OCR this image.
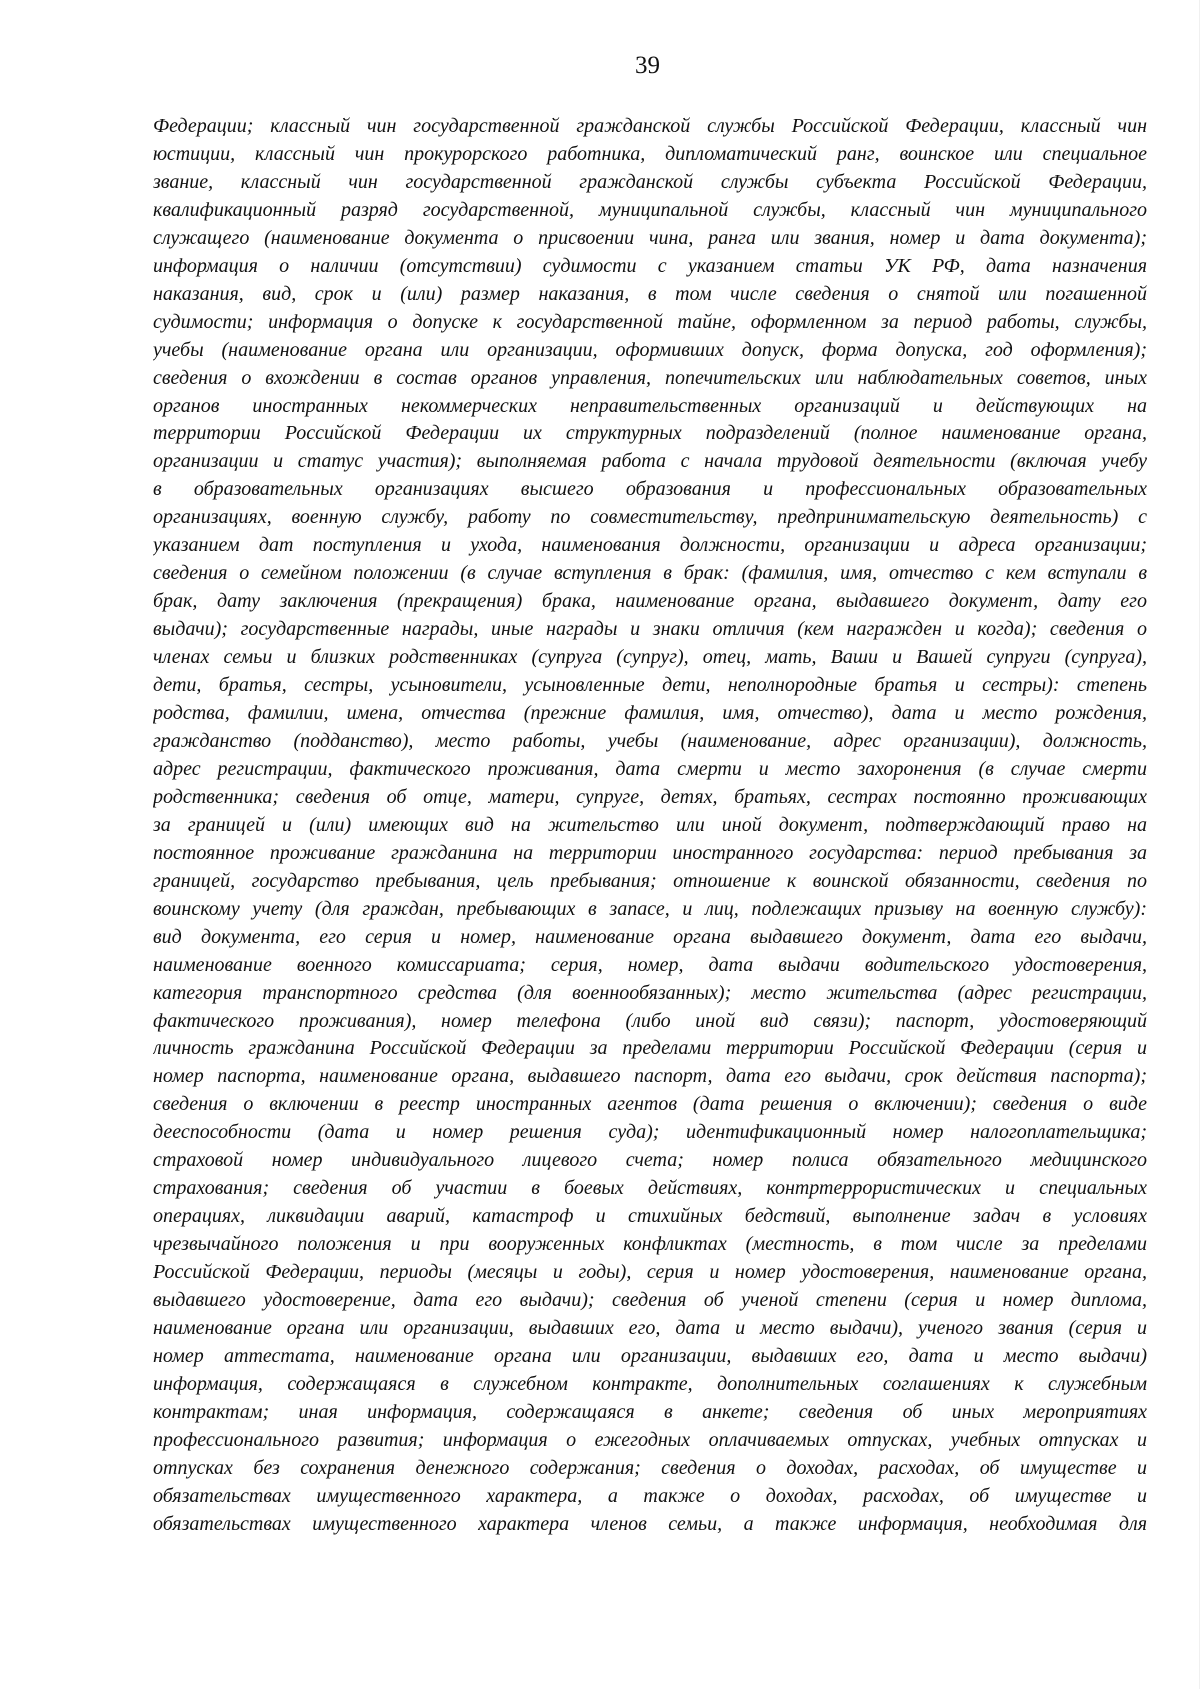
39
Федерации; классный чин государственной гражданской службы Российской Федерации, классный чин
юстиции, классный чин прокурорского работника, дипломатический ранг, воинское или специальное
звание, классный чин государственной гражданской службы субъекта Российской Федерации,
квалификационный разряд государственной, муниципальной службы, классный чин муниципального
служащего (наименование документа о присвоении чина, ранга или звания, номер и дата документа);
информация о наличии (отсутствии) судимости с указанием статьи УК РФ, дата назначения
наказания, вид, срок и (или) размер наказания, в том числе сведения о снятой или погашенной
судимости; информация о допуске к государственной тайне, оформленном за период работы, службы,
учебы (наименование органа или организации, оформивших допуск, форма допуска, год оформления);
сведения о вхождении в состав органов управления, попечительских или наблюдательных советов, иных
органов иностранных некоммерческих неправительственных организаций и действующих на
территории Российской Федерации их структурных подразделений (полное наименование органа,
организации и статус участия); выполняемая работа с начала трудовой деятельности (включая учебу
в образовательных организациях высшего образования и профессиональных образовательных
организациях, военную службу, работу по совместительству, предпринимательскую деятельность) с
указанием дат поступления и ухода, наименования должности, организации и адреса организации;
сведения о семейном положении (в случае вступления в брак: (фамилия, имя, отчество с кем вступали в
брак, дату заключения (прекращения) брака, наименование органа, выдавшего документ, дату его
выдачи); государственные награды, иные награды и знаки отличия (кем награжден и когда); сведения о
членах семьи и близких родственниках (супруга (супруг), отец, мать, Ваши и Вашей супруги (супруга),
дети, братья, сестры, усыновители, усыновленные дети, неполнородные братья и сестры): степень
родства, фамилии, имена, отчества (прежние фамилия, имя, отчество), дата и место рождения,
гражданство (подданство), место работы, учебы (наименование, адрес организации), должность,
адрес регистрации, фактического проживания, дата смерти и место захоронения (в случае смерти
родственника; сведения об отце, матери, супруге, детях, братьях, сестрах постоянно проживающих
за границей и (или) имеющих вид на жительство или иной документ, подтверждающий право на
постоянное проживание гражданина на территории иностранного государства: период пребывания за
границей, государство пребывания, цель пребывания; отношение к воинской обязанности, сведения по
воинскому учету (для граждан, пребывающих в запасе, и лиц, подлежащих призыву на военную службу):
вид документа, его серия и номер, наименование органа выдавшего документ, дата его выдачи,
наименование военного комиссариата; серия, номер, дата выдачи водительского удостоверения,
категория транспортного средства (для военнообязанных); место жительства (адрес регистрации,
фактического проживания), номер телефона (либо иной вид связи); паспорт, удостоверяющий
личность гражданина Российской Федерации за пределами территории Российской Федерации (серия и
номер паспорта, наименование органа, выдавшего паспорт, дата его выдачи, срок действия паспорта);
сведения о включении в реестр иностранных агентов (дата решения о включении); сведения о виде
дееспособности (дата и номер решения суда); идентификационный номер налогоплательщика;
страховой номер индивидуального лицевого счета; номер полиса обязательного медицинского
страхования; сведения об участии в боевых действиях, контртеррористических и специальных
операциях, ликвидации аварий, катастроф и стихийных бедствий, выполнение задач в условиях
чрезвычайного положения и при вооруженных конфликтах (местность, в том числе за пределами
Российской Федерации, периоды (месяцы и годы), серия и номер удостоверения, наименование органа,
выдавшего удостоверение, дата его выдачи); сведения об ученой степени (серия и номер диплома,
наименование органа или организации, выдавших его, дата и место выдачи), ученого звания (серия и
номер аттестата, наименование органа или организации, выдавших его, дата и место выдачи)
информация, содержащаяся в служебном контракте, дополнительных соглашениях к служебным
контрактам; иная информация, содержащаяся в анкете; сведения об иных мероприятиях
профессионального развития; информация о ежегодных оплачиваемых отпусках, учебных отпусках и
отпусках без сохранения денежного содержания; сведения о доходах, расходах, об имуществе и
обязательствах имущественного характера, а также о доходах, расходах, об имуществе и
обязательствах имущественного характера членов семьи, а также информация, необходимая для
